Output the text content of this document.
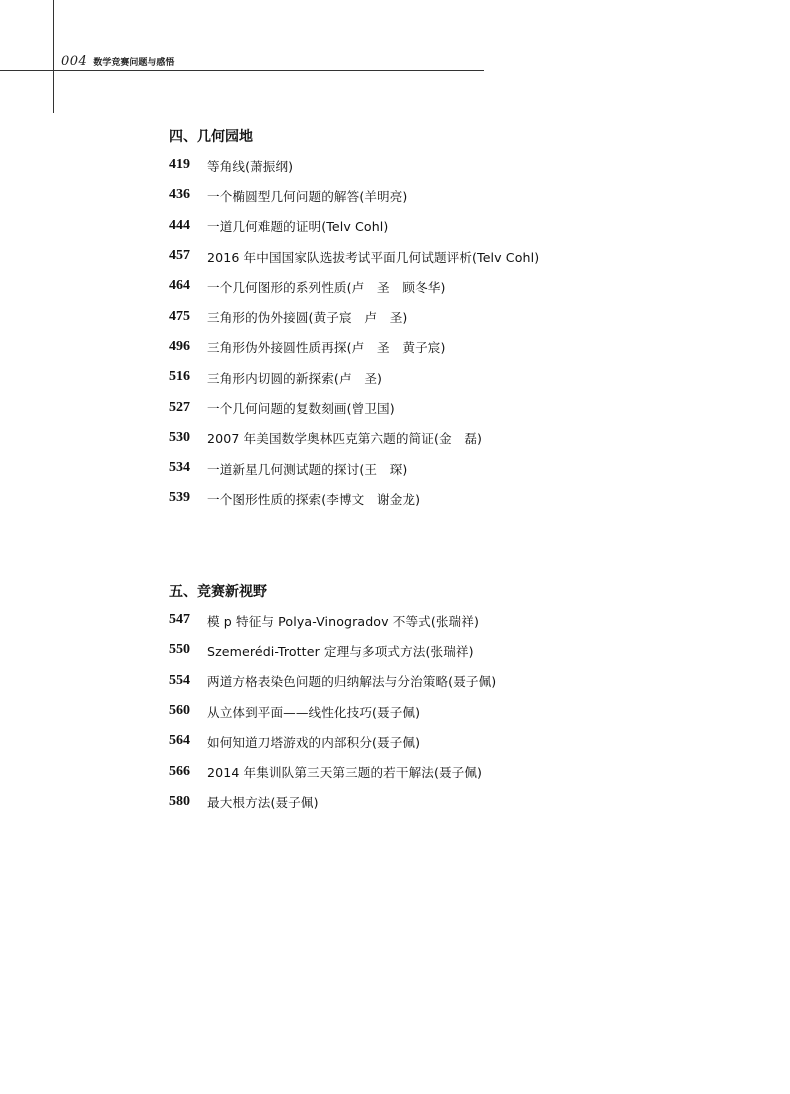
004 数学竞赛问题与感悟
四、几何园地
419	等角线(萧振纲)
436	一个椭圆型几何问题的解答(羊明亮)
444	一道几何难题的证明(Telv Cohl)
457	2016 年中国国家队选拔考试平面几何试题评析(Telv Cohl)
464	一个几何图形的系列性质(卢　圣　顾冬华)
475	三角形的伪外接圆(黄子宸　卢　圣)
496	三角形伪外接圆性质再探(卢　圣　黄子宸)
516	三角形内切圆的新探索(卢　圣)
527	一个几何问题的复数刻画(曾卫国)
530	2007 年美国数学奥林匹克第六题的简证(金　磊)
534	一道新星几何测试题的探讨(王　琛)
539	一个图形性质的探索(李博文　谢金龙)
五、竞赛新视野
547	模 p 特征与 Polya-Vinogradov 不等式(张瑞祥)
550	Szemerédi-Trotter 定理与多项式方法(张瑞祥)
554	两道方格表染色问题的归纳解法与分治策略(聂子佩)
560	从立体到平面——线性化技巧(聂子佩)
564	如何知道刀塔游戏的内部积分(聂子佩)
566	2014 年集训队第三天第三题的若干解法(聂子佩)
580	最大根方法(聂子佩)
